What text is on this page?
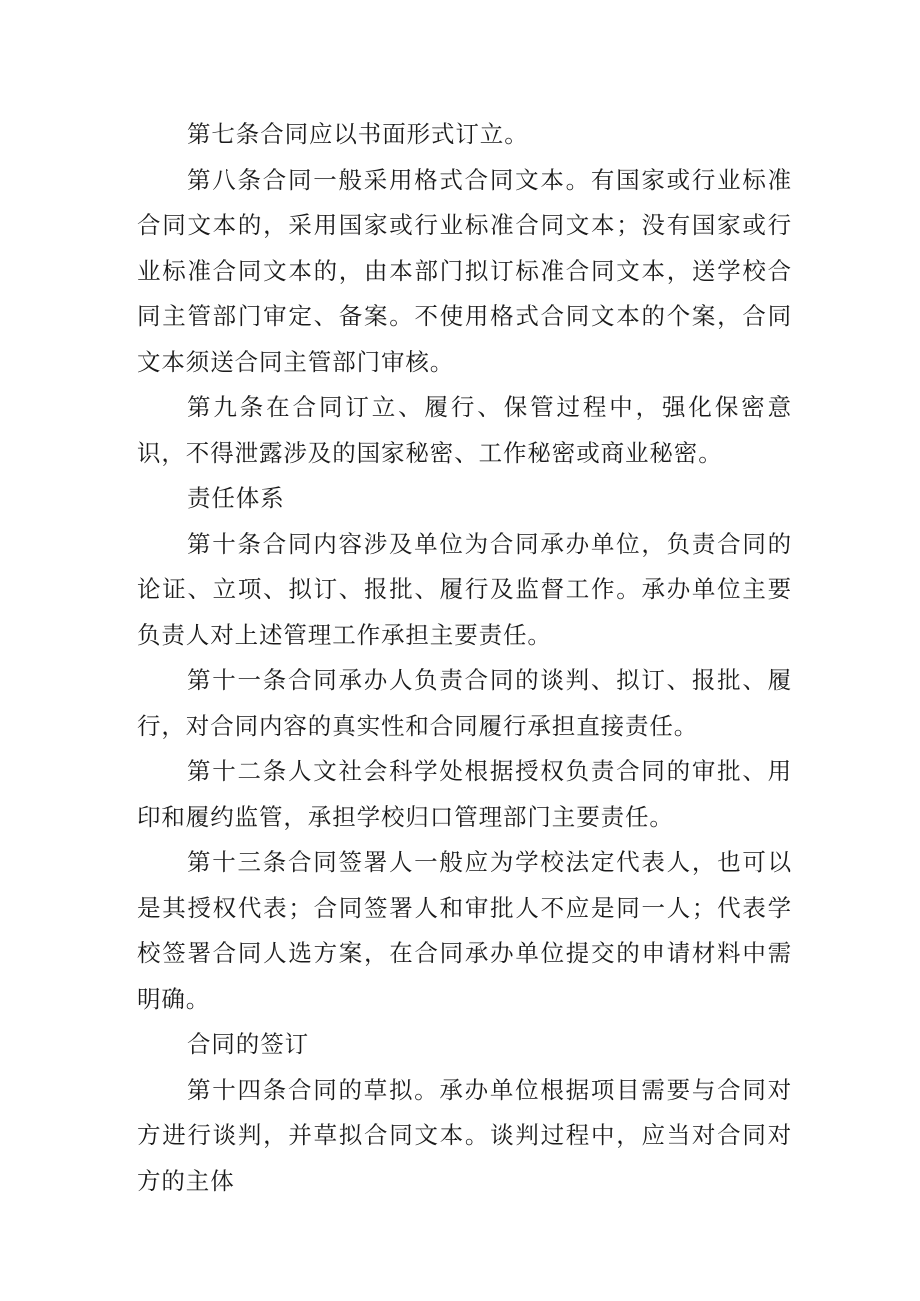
第七条合同应以书面形式订立。

第八条合同一般采用格式合同文本。有国家或行业标准合同文本的，采用国家或行业标准合同文本；没有国家或行业标准合同文本的，由本部门拟订标准合同文本，送学校合同主管部门审定、备案。不使用格式合同文本的个案，合同文本须送合同主管部门审核。

第九条在合同订立、履行、保管过程中，强化保密意识，不得泄露涉及的国家秘密、工作秘密或商业秘密。

责任体系

第十条合同内容涉及单位为合同承办单位，负责合同的论证、立项、拟订、报批、履行及监督工作。承办单位主要负责人对上述管理工作承担主要责任。

第十一条合同承办人负责合同的谈判、拟订、报批、履行，对合同内容的真实性和合同履行承担直接责任。

第十二条人文社会科学处根据授权负责合同的审批、用印和履约监管，承担学校归口管理部门主要责任。

第十三条合同签署人一般应为学校法定代表人，也可以是其授权代表；合同签署人和审批人不应是同一人；代表学校签署合同人选方案，在合同承办单位提交的申请材料中需明确。

合同的签订

第十四条合同的草拟。承办单位根据项目需要与合同对方进行谈判，并草拟合同文本。谈判过程中，应当对合同对方的主体
